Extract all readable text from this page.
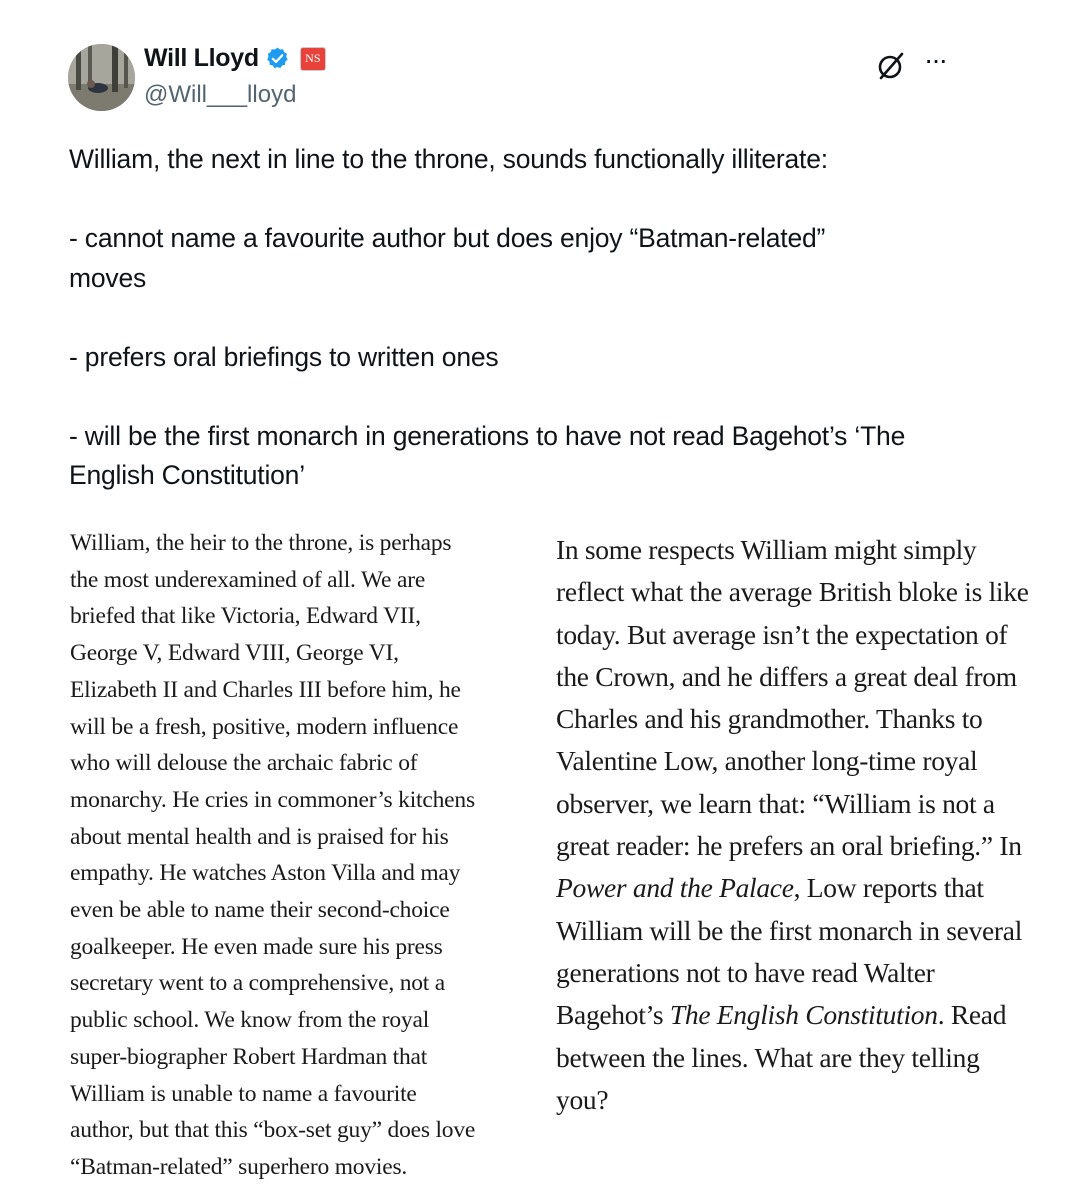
Will Lloyd	NS
@Will___lloyd
···

William, the next in line to the throne, sounds functionally illiterate:

- cannot name a favourite author but does enjoy “Batman-related”

moves

- prefers oral briefings to written ones

- will be the first monarch in generations to have not read Bagehot’s ‘The

English Constitution’

William, the heir to the throne, is perhaps
the most underexamined of all. We are
briefed that like Victoria, Edward VII,
George V, Edward VIII, George VI,
Elizabeth II and Charles III before him, he
will be a fresh, positive, modern influence
who will delouse the archaic fabric of
monarchy. He cries in commoner’s kitchens
about mental health and is praised for his
empathy. He watches Aston Villa and may
even be able to name their second-choice
goalkeeper. He even made sure his press
secretary went to a comprehensive, not a
public school. We know from the royal
super-biographer Robert Hardman that
William is unable to name a favourite
author, but that this “box-set guy” does love
“Batman-related” superhero movies.
In some respects William might simply
reflect what the average British bloke is like
today. But average isn’t the expectation of
the Crown, and he differs a great deal from
Charles and his grandmother. Thanks to
Valentine Low, another long-time royal
observer, we learn that: “William is not a
great reader: he prefers an oral briefing.” In
Power and the Palace, Low reports that
William will be the first monarch in several
generations not to have read Walter
Bagehot’s The English Constitution. Read
between the lines. What are they telling
you?
